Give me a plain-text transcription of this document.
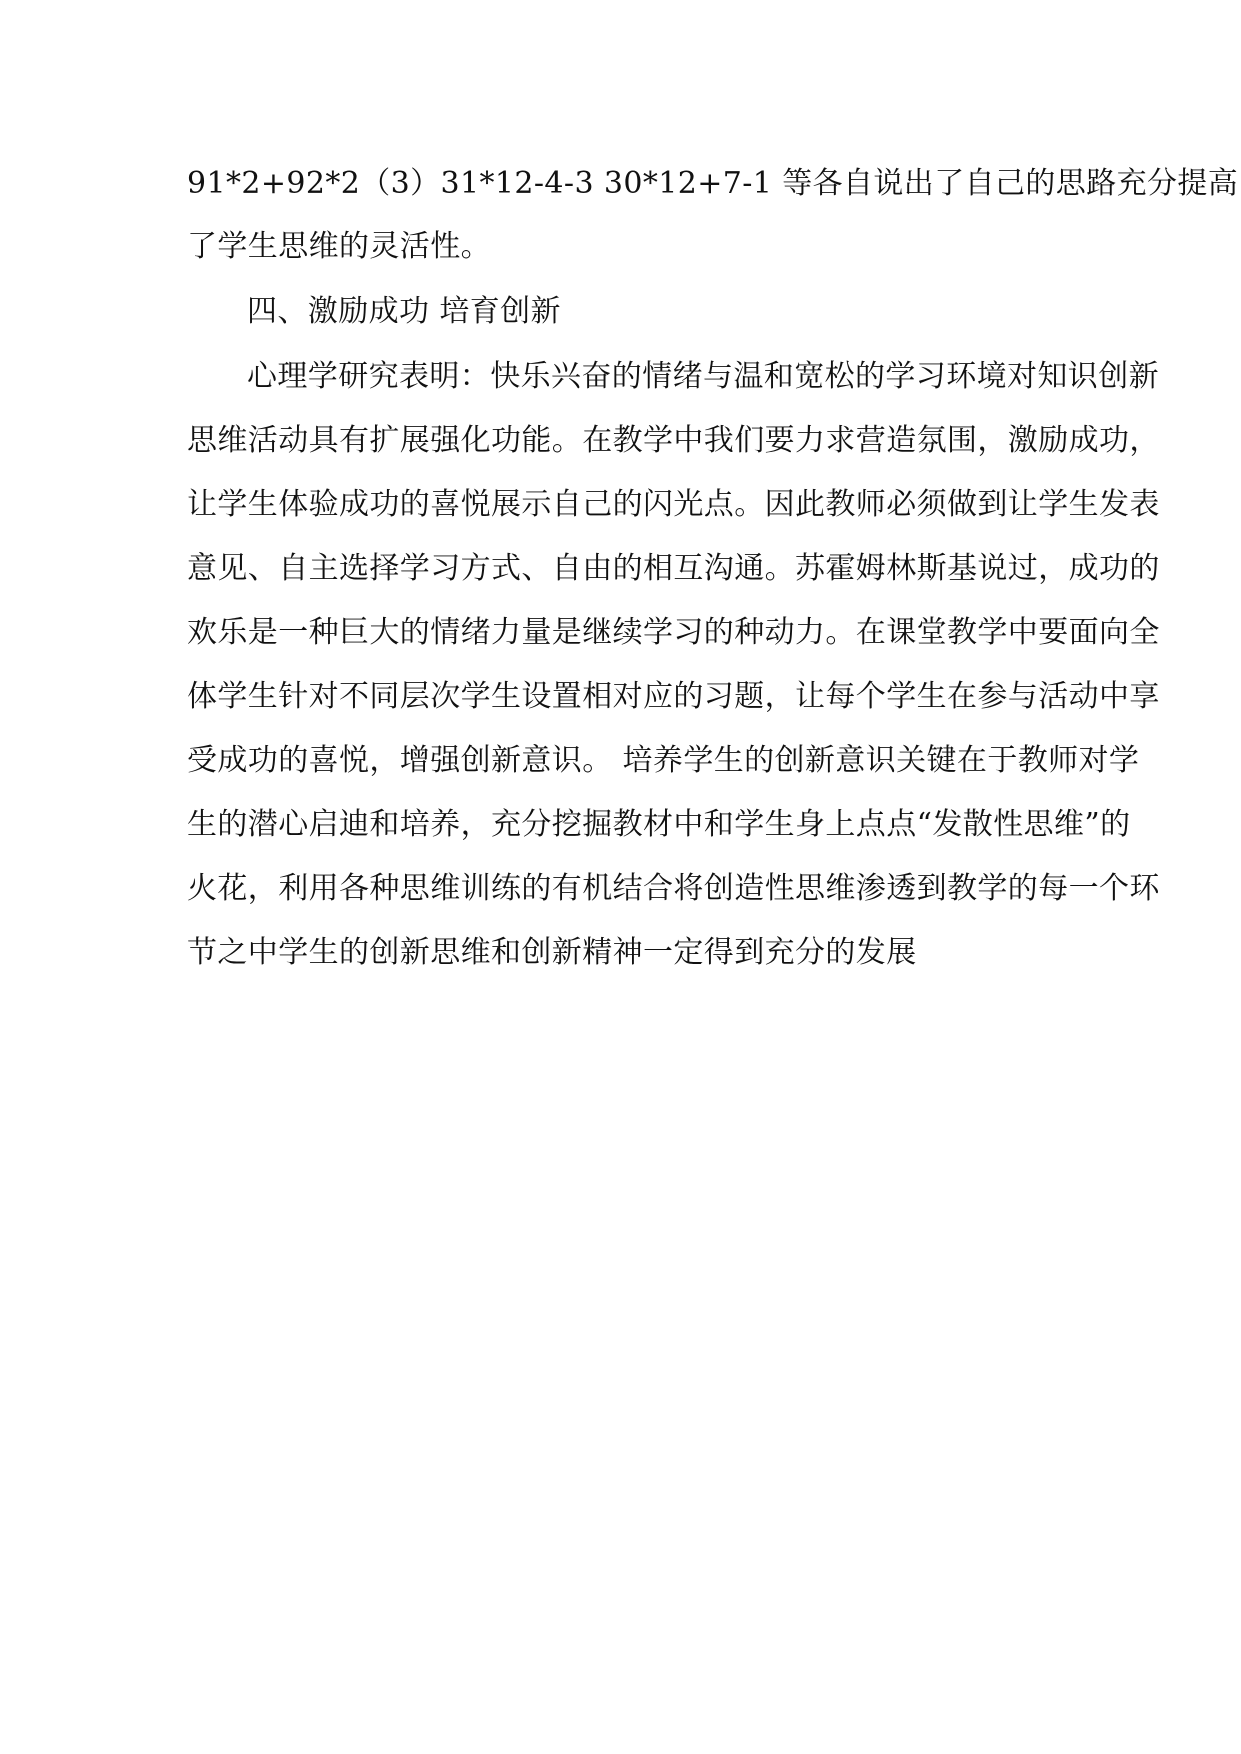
91*2+92*2（3）31*12-4-3 30*12+7-1 等各自说出了自己的思路充分提高
了学生思维的灵活性。
四、激励成功 培育创新
心理学研究表明：快乐兴奋的情绪与温和宽松的学习环境对知识创新
思维活动具有扩展强化功能。在教学中我们要力求营造氛围，激励成功，
让学生体验成功的喜悦展示自己的闪光点。因此教师必须做到让学生发表
意见、自主选择学习方式、自由的相互沟通。苏霍姆林斯基说过，成功的
欢乐是一种巨大的情绪力量是继续学习的种动力。在课堂教学中要面向全
体学生针对不同层次学生设置相对应的习题，让每个学生在参与活动中享
受成功的喜悦，增强创新意识。 培养学生的创新意识关键在于教师对学
生的潜心启迪和培养，充分挖掘教材中和学生身上点点“发散性思维”的
火花，利用各种思维训练的有机结合将创造性思维渗透到教学的每一个环
节之中学生的创新思维和创新精神一定得到充分的发展
